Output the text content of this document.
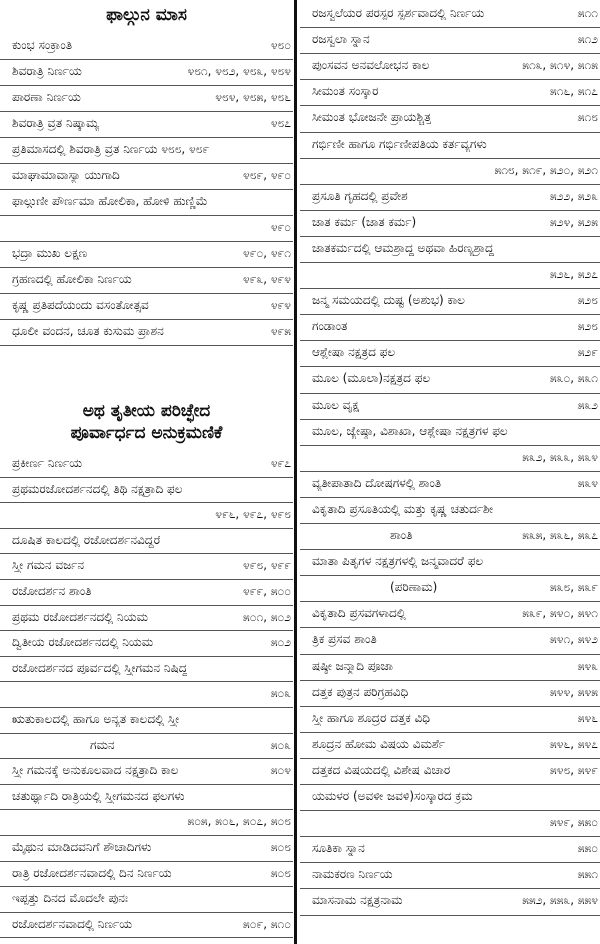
ಫಾಲ್ಗುನ ಮಾಸ
ಕುಂಭ ಸಂಕ್ರಾಂತಿ	೪೮೦
ಶಿವರಾತ್ರಿ ನಿರ್ಣಯ	೪೮೧, ೪೮೨, ೪೮೩, ೪೮೪
ಪಾರಣಾ ನಿರ್ಣಯ	೪೮೪, ೪೮೫, ೪೮೬
ಶಿವರಾತ್ರಿ ವ್ರತ ನಿಷ್ಕಾಮ್ಯ	೪೮೭
ಪ್ರತಿಮಾಸದಲ್ಲಿ ಶಿವರಾತ್ರಿ ವ್ರತ ನಿರ್ಣಯ ೪೮೮, ೪೮೯
ಮಾಘಾಮಾವಾಸ್ಯಾ ಯುಗಾದಿ	೪೮೯, ೪೯೦
ಫಾಲ್ಗುಣೀ ಪೌರ್ಣಮಾ ಹೋಲಿಕಾ, ಹೋಳಿ ಹುಣ್ಣಿಮೆ
೪೯೦
ಭದ್ರಾ ಮುಖ ಲಕ್ಷಣ	೪೯೦, ೪೯೧
ಗ್ರಹಣದಲ್ಲಿ ಹೋಲಿಕಾ ನಿರ್ಣಯ	೪೯೩, ೪೯೪
ಕೃಷ್ಣ ಪ್ರತಿಪದೆಯಂದು ವಸಂತೋತ್ಸವ	೪೯೪
ಧೂಲೀ ವಂದನ, ಚೂತ ಕುಸುಮ ಪ್ರಾಶನ	೪೯೫
ಅಥ ತೃತೀಯ ಪರಿಚ್ಛೇದ
ಪೂರ್ವಾರ್ಧದ ಅನುಕ್ರಮಣಿಕೆ
ಪ್ರಕೀರ್ಣ ನಿರ್ಣಯ	೪೯೭
ಪ್ರಥಮರಜೋದರ್ಶನದಲ್ಲಿ ತಿಥಿ ನಕ್ಷತ್ರಾದಿ ಫಲ
೪೯೬, ೪೯೭, ೪೯೮
ದೂಷಿತ ಕಾಲದಲ್ಲಿ ರಜೋದರ್ಶನವಿದ್ದರೆ
ಸ್ತ್ರೀ ಗಮನ ವರ್ಜನ	೪೯೮, ೪೯೯
ರಜೋದರ್ಶನ ಶಾಂತಿ	೪೯೯, ೫೦೦
ಪ್ರಥಮ ರಜೋದರ್ಶನದಲ್ಲಿ ನಿಯಮ	೫೦೧, ೫೦೨
ದ್ವಿತೀಯ ರಜೋದರ್ಶನದಲ್ಲಿ ನಿಯಮ	೫೦೨
ರಜೋದರ್ಶನದ ಪೂರ್ವದಲ್ಲಿ ಸ್ತ್ರೀಗಮನ ನಿಷಿದ್ಧ
೫೦೩
ಋತುಕಾಲದಲ್ಲಿ ಹಾಗೂ ಅನ್ಯತ ಕಾಲದಲ್ಲಿ ಸ್ತ್ರೀ
ಗಮನ	೫೦೩
ಸ್ತ್ರೀ ಗಮನಕ್ಕೆ ಅನುಕೂಲವಾದ ನಕ್ಷತ್ರಾದಿ ಕಾಲ	೫೦೪
ಚತುರ್ಥ್ಯಾದಿ ರಾತ್ರಿಯಲ್ಲಿ ಸ್ತ್ರೀಗಮನದ ಫಲಗಳು
೫೦೫, ೫೦೬, ೫೦೭, ೫೦೮
ಮೈಥುನ ಮಾಡಿದವನಿಗೆ ಶೌಚಾದಿಗಳು	೫೦೮
ರಾತ್ರಿ ರಜೋದರ್ಶನವಾದಲ್ಲಿ ದಿನ ನಿರ್ಣಯ	೫೦೮
ಇಪ್ಪತ್ತು ದಿನದ ಮೊದಲೇ ಪುನಃ
ರಜೋದರ್ಶನವಾದಲ್ಲಿ ನಿರ್ಣಯ	೫೦೯, ೫೧೦
ರಜಸ್ವಲೆಯರ ಪರಸ್ಪರ ಸ್ಪರ್ಶವಾದಲ್ಲಿ ನಿರ್ಣಯ	೫೧೧
ರಜಸ್ವಲಾ ಸ್ನಾನ	೫೧೨
ಪುಂಸವನ ಅನವಲೋಭನ ಕಾಲ	೫೧೩, ೫೧೪, ೫೧೫
ಸೀಮಂತ ಸಂಸ್ಕಾರ	೫೧೬, ೫೧೭
ಸೀಮಂತ ಭೋಜನೇ ಪ್ರಾಯಶ್ಚಿತ್ತ	೫೧೮
ಗರ್ಭಿಣೀ ಹಾಗೂ ಗರ್ಭಿಣೀಪತಿಯ ಕರ್ತವ್ಯಗಳು
೫೧೮, ೫೧೯, ೫೨೦, ೫೨೧
ಪ್ರಸೂತಿ ಗೃಹದಲ್ಲಿ ಪ್ರವೇಶ	೫೨೨, ೫೨೩
ಜಾತ ಕರ್ಮ (ಜಾತ ಕರ್ಮ)	೫೨೪, ೫೨೫
ಜಾತಕರ್ಮದಲ್ಲಿ ಆಮಶ್ರಾದ್ಧ ಅಥವಾ ಹಿರಣ್ಯಶ್ರಾದ್ಧ
೫೨೬, ೫೨೭
ಜನ್ಮ ಸಮಯದಲ್ಲಿ ದುಷ್ಟ (ಅಶುಭ) ಕಾಲ	೫೨೮
ಗಂಡಾಂತ	೫೨೮
ಆಶ್ಲೇಷಾ ನಕ್ಷತ್ರದ ಫಲ	೫೨೯
ಮೂಲ (ಮೂಲಾ)ನಕ್ಷತ್ರದ ಫಲ	೫೩೦, ೫೩೧
ಮೂಲ ವೃಕ್ಷ	೫೩೨
ಮೂಲ, ಜ್ಯೇಷ್ಠಾ, ವಿಶಾಖಾ, ಆಶ್ಲೇಷಾ ನಕ್ಷತ್ರಗಳ ಫಲ
೫೩೨, ೫೩೩, ೫೩೪
ವ್ಯತೀಪಾತಾದಿ ದೋಷಗಳಲ್ಲಿ ಶಾಂತಿ	೫೩೪
ವಿಕೃತಾದಿ ಪ್ರಸೂತಿಯಲ್ಲಿ ಮತ್ತು ಕೃಷ್ಣ ಚತುರ್ದಶೀ
ಶಾಂತಿ	೫೩೫, ೫೩೬, ೫೩೭
ಮಾತಾ ಪಿತೃಗಳ ನಕ್ಷತ್ರಗಳಲ್ಲಿ ಜನ್ಮವಾದರೆ ಫಲ
(ಪರಿಣಾಮ)	೫೩೮, ೫೩೯
ವಿಕೃತಾದಿ ಪ್ರಸವಗಳಾದಲ್ಲಿ	೫೩೯, ೫೪೦, ೫೪೧
ತ್ರಿಕ ಪ್ರಸವ ಶಾಂತಿ	೫೪೧, ೫೪೨
ಷಷ್ಠೀ ಜನ್ಮಾದಿ ಪೂಜಾ	೫೪೩
ದತ್ತಕ ಪುತ್ರನ ಪರಿಗ್ರಹವಿಧಿ	೫೪೪, ೫೪೫
ಸ್ತ್ರೀ ಹಾಗೂ ಶೂದ್ರರ ದತ್ತಕ ವಿಧಿ	೫೪೬
ಶೂದ್ರನ ಹೋಮ ವಿಷಯ ವಿಮರ್ಶೆ	೫೪೬, ೫೪೭
ದತ್ತಕದ ವಿಷಯದಲ್ಲಿ ವಿಶೇಷ ವಿಚಾರ	೫೪೮, ೫೪೯
ಯಮಳರ (ಅವಳೀ ಜವಳಿ)ಸಂಸ್ಕಾರದ ಕ್ರಮ
೫೪೯, ೫೫೦
ಸೂತಿಕಾ ಸ್ನಾನ	೫೫೦
ನಾಮಕರಣ ನಿರ್ಣಯ	೫೫೧
ಮಾಸನಾಮ ನಕ್ಷತ್ರನಾಮ	೫೫೨, ೫೫೩, ೫೫೪
